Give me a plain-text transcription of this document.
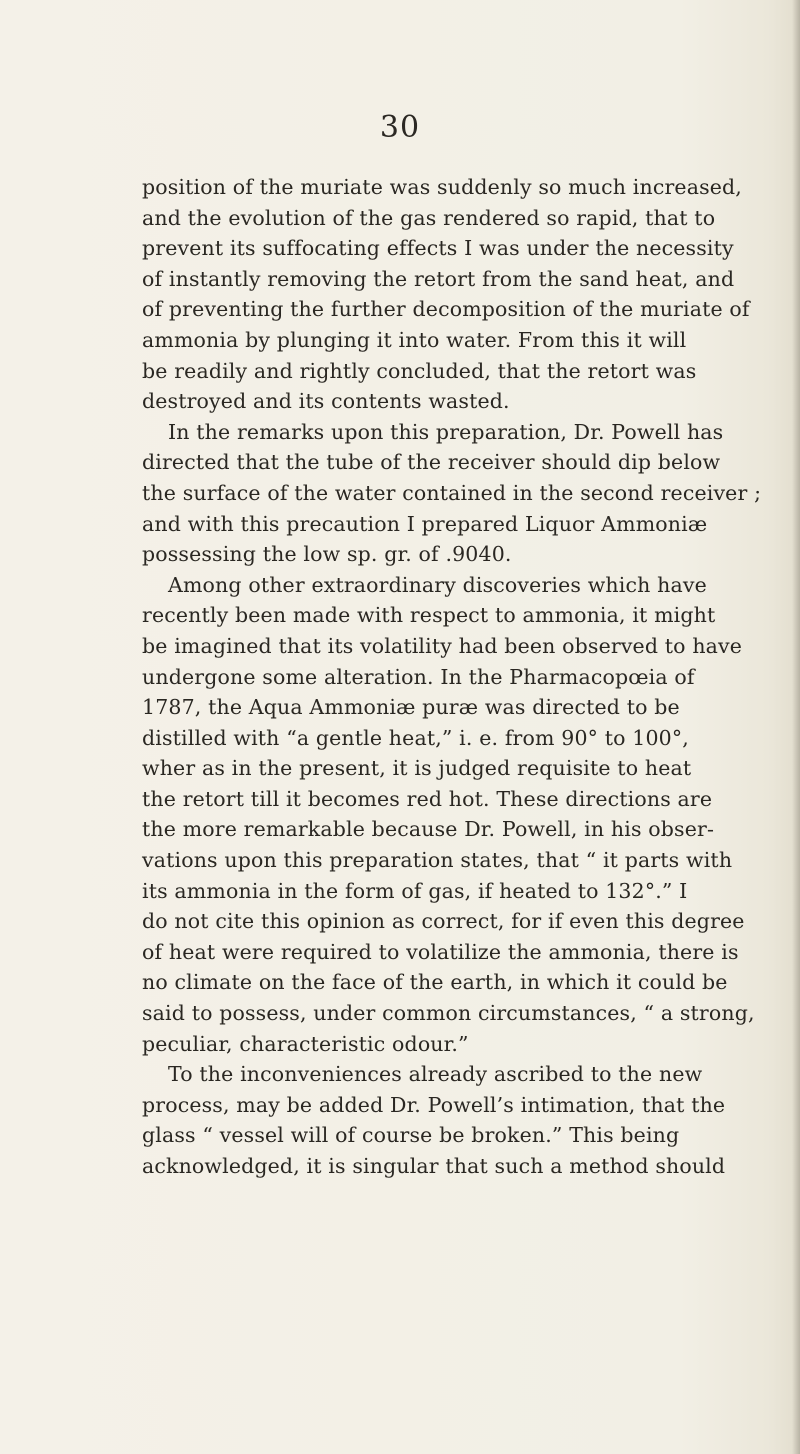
30
position of the muriate was suddenly so much increased,
and the evolution of the gas rendered so rapid, that to
prevent its suffocating effects I was under the necessity
of instantly removing the retort from the sand heat, and
of preventing the further decomposition of the muriate of
ammonia by plunging it into water. From this it will
be readily and rightly concluded, that the retort was
destroyed and its contents wasted.
In the remarks upon this preparation, Dr. Powell has
directed that the tube of the receiver should dip below
the surface of the water contained in the second receiver ;
and with this precaution I prepared Liquor Ammoniæ
possessing the low sp. gr. of .9040.
Among other extraordinary discoveries which have
recently been made with respect to ammonia, it might
be imagined that its volatility had been observed to have
undergone some alteration. In the Pharmacopœia of
1787, the Aqua Ammoniæ puræ was directed to be
distilled with “a gentle heat,” i. e. from 90° to 100°,
wher as in the present, it is judged requisite to heat
the retort till it becomes red hot. These directions are
the more remarkable because Dr. Powell, in his obser-
vations upon this preparation states, that “ it parts with
its ammonia in the form of gas, if heated to 132°.” I
do not cite this opinion as correct, for if even this degree
of heat were required to volatilize the ammonia, there is
no climate on the face of the earth, in which it could be
said to possess, under common circumstances, “ a strong,
peculiar, characteristic odour.”
To the inconveniences already ascribed to the new
process, may be added Dr. Powell’s intimation, that the
glass “ vessel will of course be broken.” This being
acknowledged, it is singular that such a method should
